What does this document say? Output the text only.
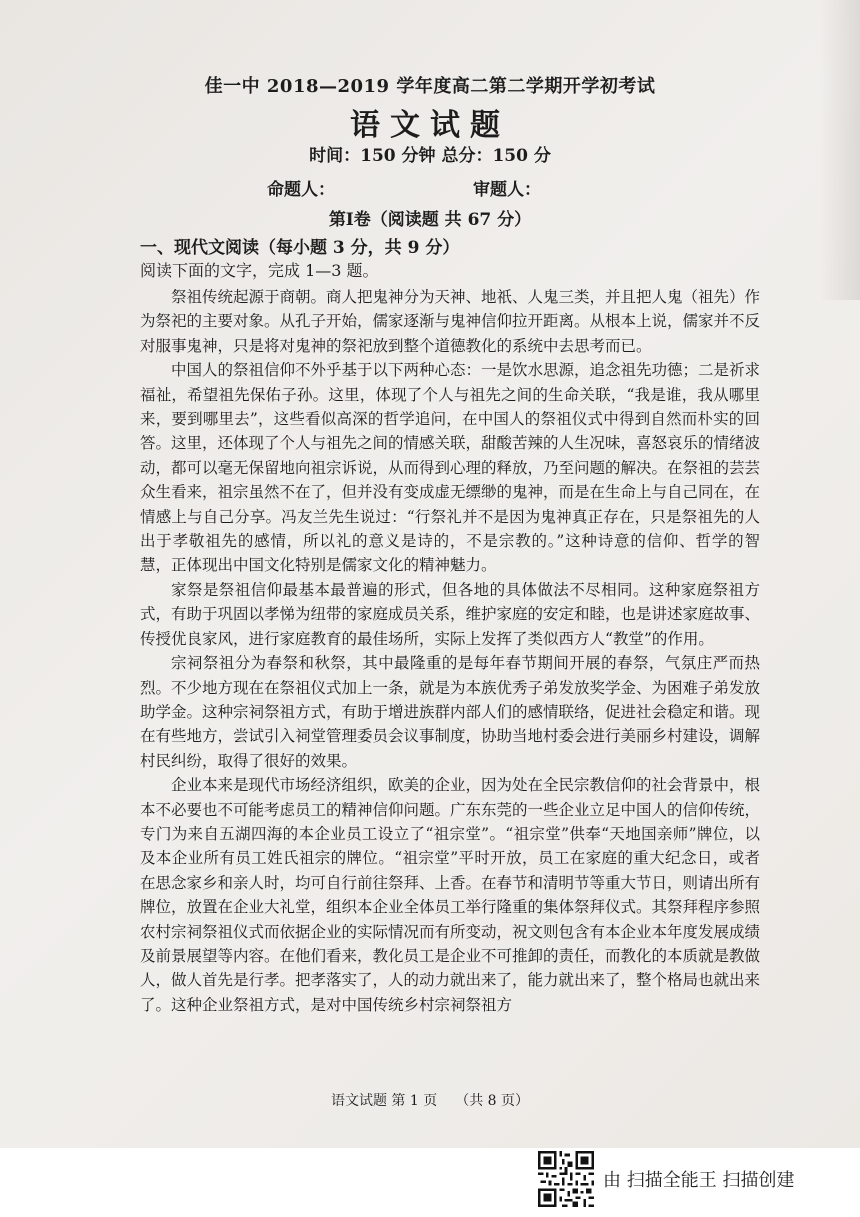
佳一中 2018—2019 学年度高二第二学期开学初考试
语文试题
时间：150 分钟 总分：150 分
命题人：	审题人：
第Ⅰ卷（阅读题 共 67 分）
一、现代文阅读（每小题 3 分，共 9 分）
阅读下面的文字，完成 1—3 题。

祭祖传统起源于商朝。商人把鬼神分为天神、地祇、人鬼三类，并且把人鬼（祖先）作为祭祀的主要对象。从孔子开始，儒家逐渐与鬼神信仰拉开距离。从根本上说，儒家并不反对服事鬼神，只是将对鬼神的祭祀放到整个道德教化的系统中去思考而已。

中国人的祭祖信仰不外乎基于以下两种心态：一是饮水思源，追念祖先功德；二是祈求福祉，希望祖先保佑子孙。这里，体现了个人与祖先之间的生命关联，“我是谁，我从哪里来，要到哪里去”，这些看似高深的哲学追问，在中国人的祭祖仪式中得到自然而朴实的回答。这里，还体现了个人与祖先之间的情感关联，甜酸苦辣的人生况味，喜怒哀乐的情绪波动，都可以毫无保留地向祖宗诉说，从而得到心理的释放，乃至问题的解决。在祭祖的芸芸众生看来，祖宗虽然不在了，但并没有变成虚无缥缈的鬼神，而是在生命上与自己同在，在情感上与自己分享。冯友兰先生说过：“行祭礼并不是因为鬼神真正存在，只是祭祖先的人出于孝敬祖先的感情，所以礼的意义是诗的，不是宗教的。”这种诗意的信仰、哲学的智慧，正体现出中国文化特别是儒家文化的精神魅力。

家祭是祭祖信仰最基本最普遍的形式，但各地的具体做法不尽相同。这种家庭祭祖方式，有助于巩固以孝悌为纽带的家庭成员关系，维护家庭的安定和睦，也是讲述家庭故事、传授优良家风，进行家庭教育的最佳场所，实际上发挥了类似西方人“教堂”的作用。

宗祠祭祖分为春祭和秋祭，其中最隆重的是每年春节期间开展的春祭，气氛庄严而热烈。不少地方现在在祭祖仪式加上一条，就是为本族优秀子弟发放奖学金、为困难子弟发放助学金。这种宗祠祭祖方式，有助于增进族群内部人们的感情联络，促进社会稳定和谐。现在有些地方，尝试引入祠堂管理委员会议事制度，协助当地村委会进行美丽乡村建设，调解村民纠纷，取得了很好的效果。

企业本来是现代市场经济组织，欧美的企业，因为处在全民宗教信仰的社会背景中，根本不必要也不可能考虑员工的精神信仰问题。广东东莞的一些企业立足中国人的信仰传统，专门为来自五湖四海的本企业员工设立了“祖宗堂”。“祖宗堂”供奉“天地国亲师”牌位，以及本企业所有员工姓氏祖宗的牌位。“祖宗堂”平时开放，员工在家庭的重大纪念日，或者在思念家乡和亲人时，均可自行前往祭拜、上香。在春节和清明节等重大节日，则请出所有牌位，放置在企业大礼堂，组织本企业全体员工举行隆重的集体祭拜仪式。其祭拜程序参照农村宗祠祭祖仪式而依据企业的实际情况而有所变动，祝文则包含有本企业本年度发展成绩及前景展望等内容。在他们看来，教化员工是企业不可推卸的责任，而教化的本质就是教做人，做人首先是行孝。把孝落实了，人的动力就出来了，能力就出来了，整个格局也就出来了。这种企业祭祖方式，是对中国传统乡村宗祠祭祖方

语文试题 第 1 页 （共 8 页）
由 扫描全能王 扫描创建
